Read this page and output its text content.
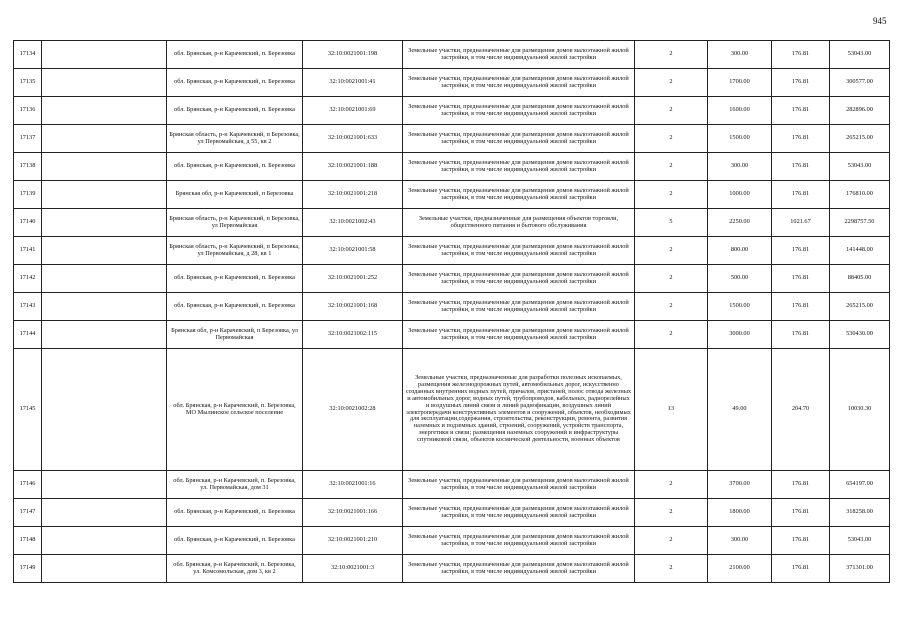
945
17134		обл. Брянская, р-н Карачевский, п. Березовка	32:10:0021001:198	Земельные участки, предназначенные для размещения домов малоэтажной жилой застройки, в том числе индивидуальной жилой застройки	2	300.00	176.81	53043.00
17135		обл. Брянская, р-н Карачевский, п. Березовка	32:10:0021001:41	Земельные участки, предназначенные для размещения домов малоэтажной жилой застройки, в том числе индивидуальной жилой застройки	2	1700.00	176.81	300577.00
17136		обл. Брянская, р-н Карачевский, п. Березовка	32:10:0021001:69	Земельные участки, предназначенные для размещения домов малоэтажной жилой застройки, в том числе индивидуальной жилой застройки	2	1600.00	176.81	282896.00
17137		Брянская область, р-н Карачевский, п Березовка, ул Первомайская, д 55, кв 2	32:10:0021001:633	Земельные участки, предназначенные для размещения домов малоэтажной жилой застройки, в том числе индивидуальной жилой застройки	2	1500.00	176.81	265215.00
17138		обл. Брянская, р-н Карачевский, п. Березовка	32:10:0021001:188	Земельные участки, предназначенные для размещения домов малоэтажной жилой застройки, в том числе индивидуальной жилой застройки	2	300.00	176.81	53043.00
17139		Брянская обл, р-н Карачевский, п Березовка	32:10:0021001:218	Земельные участки, предназначенные для размещения домов малоэтажной жилой застройки, в том числе индивидуальной жилой застройки	2	1000.00	176.81	176810.00
17140		Брянская область, р-н Карачевский, п Березовка, ул Первомайская	32:10:0021002:43	Земельные участки, предназначенные для размещения объектов торговли, общественного питания и бытового обслуживания	5	2250.00	1021.67	2298757.50
17141		Брянская область, р-н Карачевский, п Березовка, ул Первомайская, д 28, кв 1	32:10:0021001:58	Земельные участки, предназначенные для размещения домов малоэтажной жилой застройки, в том числе индивидуальной жилой застройки	2	800.00	176.81	141448.00
17142		обл. Брянская, р-н Карачевский, п. Березовка	32:10:0021001:252	Земельные участки, предназначенные для размещения домов малоэтажной жилой застройки, в том числе индивидуальной жилой застройки	2	500.00	176.81	88405.00
17143		обл. Брянская, р-н Карачевский, п. Березовка	32:10:0021001:168	Земельные участки, предназначенные для размещения домов малоэтажной жилой застройки, в том числе индивидуальной жилой застройки	2	1500.00	176.81	265215.00
17144		Брянская обл, р-н Карачевский, п Березовка, ул Первомайская	32:10:0021002:115	Земельные участки, предназначенные для размещения домов малоэтажной жилой застройки, в том числе индивидуальной жилой застройки	2	3000.00	176.81	530430.00
17145		обл. Брянская, р-н Карачевский, п. Березовка, МО Мылинское сельское поселение	32:10:0021002:28	Земельные участки, предназначенные для разработки полезных ископаемых, размещения железнодорожных путей, автомобильных дорог, искусственно созданных внутренних водных путей, причалов, пристаней, полос отвода железных и автомобильных дорог, водных путей, трубопроводов, кабельных, радиорелейных и воздушных линий связи и линий радиофикации, воздушных линий электропередачи конструктивных элементов и сооружений, объектов, необходимых для эксплуатации,содержания, строительства, реконструкции, ремонта, развития наземных и подземных зданий, строений, сооружений, устройств транспорта, энергетики и связи; размещения наземных сооружений и инфраструктуры спутниковой связи, объектов космической деятельности, военных объектов	13	49.00	204.70	10030.30
17146		обл. Брянская, р-н Карачевский, п. Березовка, ул. Первомайская, дом 31	32:10:0021001:16	Земельные участки, предназначенные для размещения домов малоэтажной жилой застройки, в том числе индивидуальной жилой застройки	2	3700.00	176.81	654197.00
17147		обл. Брянская, р-н Карачевский, п. Березовка	32:10:0021001:166	Земельные участки, предназначенные для размещения домов малоэтажной жилой застройки, в том числе индивидуальной жилой застройки	2	1800.00	176.81	318258.00
17148		обл. Брянская, р-н Карачевский, п. Березовка	32:10:0021001:210	Земельные участки, предназначенные для размещения домов малоэтажной жилой застройки, в том числе индивидуальной жилой застройки	2	300.00	176.81	53043.00
17149		обл. Брянская, р-н Карачевский, п. Березовка, ул. Комсомольская, дом 3, кв 2	32:10:0021001:3	Земельные участки, предназначенные для размещения домов малоэтажной жилой застройки, в том числе индивидуальной жилой застройки	2	2100.00	176.81	371301.00
